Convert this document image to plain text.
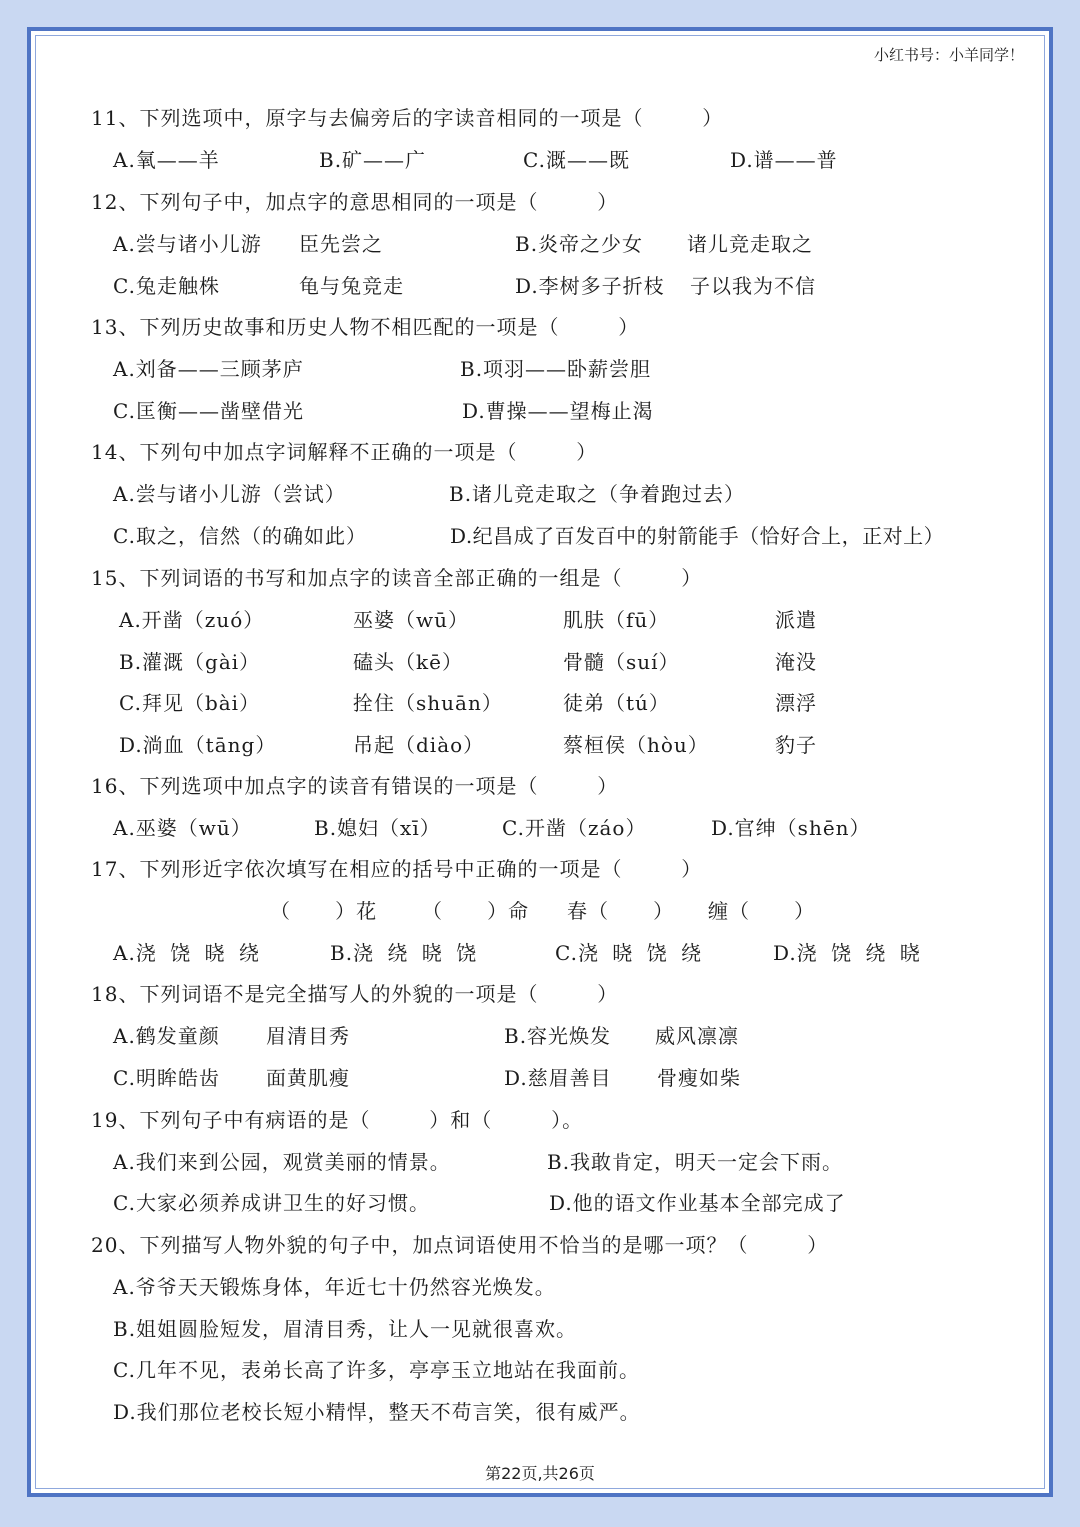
小红书号：小羊同学！
11、下列选项中，原字与去偏旁后的字读音相同的一项是（        ）
A.氧——羊	B.矿——广	C.溉——既	D.谱——普
12、下列句子中，加点字的意思相同的一项是（        ）
A.尝与诸小儿游 臣先尝之	B.炎帝之少女 诸儿竞走取之
C.兔走触株	龟与兔竞走	D.李树多子折枝 子以我为不信
13、下列历史故事和历史人物不相匹配的一项是（        ）
A.刘备——三顾茅庐	B.项羽——卧薪尝胆
C.匡衡——凿壁借光	D.曹操——望梅止渴
14、下列句中加点字词解释不正确的一项是（        ）
A.尝与诸小儿游（尝试）	B.诸儿竞走取之（争着跑过去）
C.取之，信然（的确如此）	D.纪昌成了百发百中的射箭能手（恰好合上，正对上）
15、下列词语的书写和加点字的读音全部正确的一组是（        ）
A.开凿（zuó）	巫婆（wū）	肌肤（fū）	派遣
B.灌溉（gài）	磕头（kē）	骨髓（suí）	淹没
C.拜见（bài）	拴住（shuān）	徒弟（tú）	漂浮
D.淌血（tāng）	吊起（diào）	蔡桓侯（hòu）	豹子
16、下列选项中加点字的读音有错误的一项是（        ）
A.巫婆（wū）	B.媳妇（xī）	C.开凿（záo）	D.官绅（shēn）
17、下列形近字依次填写在相应的括号中正确的一项是（        ）
（      ）花 （      ）命 春（      ） 缠（      ）
A.浇 饶 晓 绕	B.浇 绕 晓 饶	C.浇 晓 饶 绕	D.浇 饶 绕 晓
18、下列词语不是完全描写人的外貌的一项是（        ）
A.鹤发童颜 眉清目秀	B.容光焕发 威风凛凛
C.明眸皓齿 面黄肌瘦	D.慈眉善目 骨瘦如柴
19、下列句子中有病语的是（        ）和（        ）。
A.我们来到公园，观赏美丽的情景。	B.我敢肯定，明天一定会下雨。
C.大家必须养成讲卫生的好习惯。	D.他的语文作业基本全部完成了
20、下列描写人物外貌的句子中，加点词语使用不恰当的是哪一项？（        ）
A.爷爷天天锻炼身体，年近七十仍然容光焕发。
B.姐姐圆脸短发，眉清目秀，让人一见就很喜欢。
C.几年不见，表弟长高了许多，亭亭玉立地站在我面前。
D.我们那位老校长短小精悍，整天不苟言笑，很有威严。
第22页,共26页
